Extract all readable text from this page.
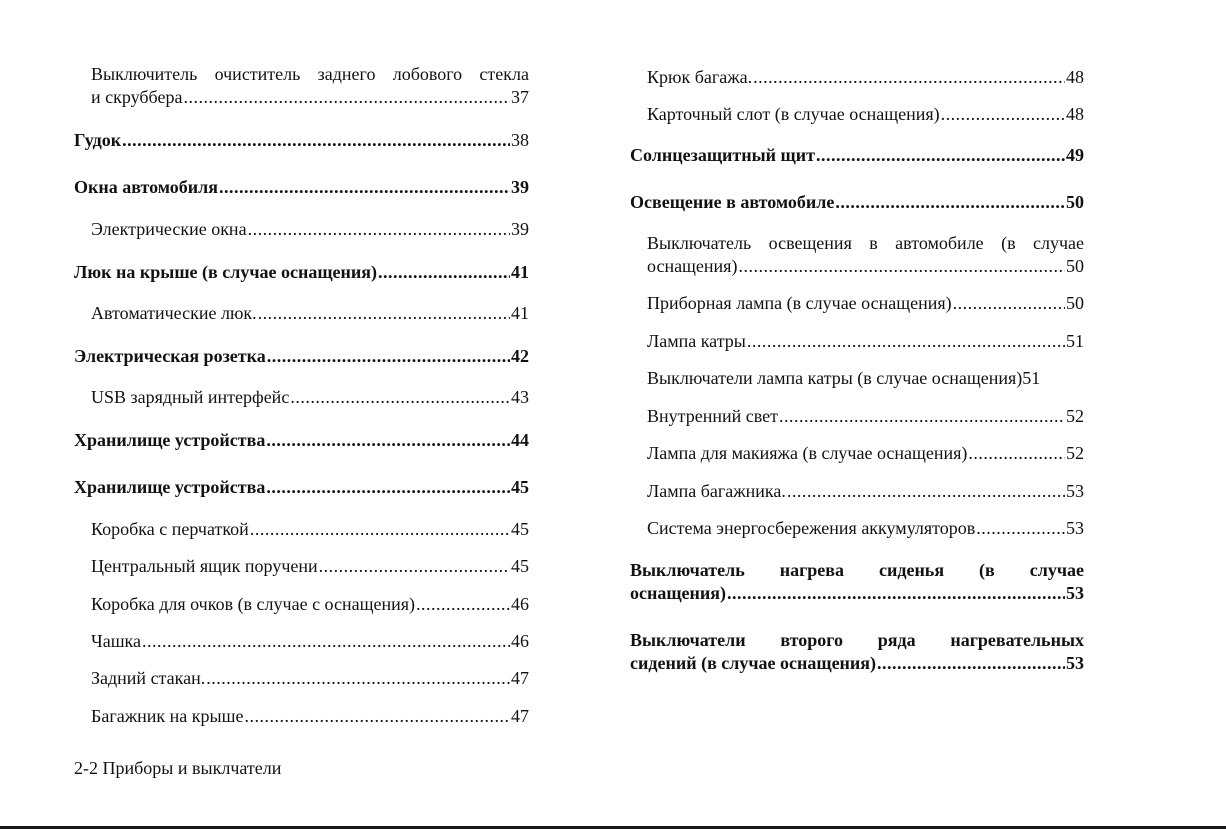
Выключитель очиститель заднего лобового стекла
и скруббера .....	37
Гудок .....	38
Окна автомобиля .....	39
Электрические окна .....	39
Люк на крыше (в случае оснащения) .....	41
Автоматические люк. .....	41
Электрическая розетка .....	42
USB зарядный интерфейс .....	43
Хранилище устройства .....	44
Хранилище устройства .....	45
Коробка с перчаткой .....	45
Центральный ящик поручени .....	45
Коробка для очков (в случае с оснащения) .....	46
Чашка .....	46
Задний стакан. .....	47
Багажник на крыше .....	47
Крюк багажа. .....	48
Карточный слот (в случае оснащения) .....	48
Солнцезащитный щит .....	49
Освещение в автомобиле .....	50
Выключатель освещения в автомобиле (в случае
оснащения) .....	50
Приборная лампа (в случае оснащения) .....	50
Лампа катры .....	51
Выключатели лампа катры (в случае оснащения)51
Внутренний свет .....	52
Лампа для макияжа (в случае оснащения) .....	52
Лампа багажника. .....	53
Система энергосбережения аккумуляторов .....	53
Выключатель нагрева сиденья (в случае
оснащения) .....	53
Выключатели второго ряда нагревательных
сидений (в случае оснащения) .....	53
2-2 Приборы и выклчатели
